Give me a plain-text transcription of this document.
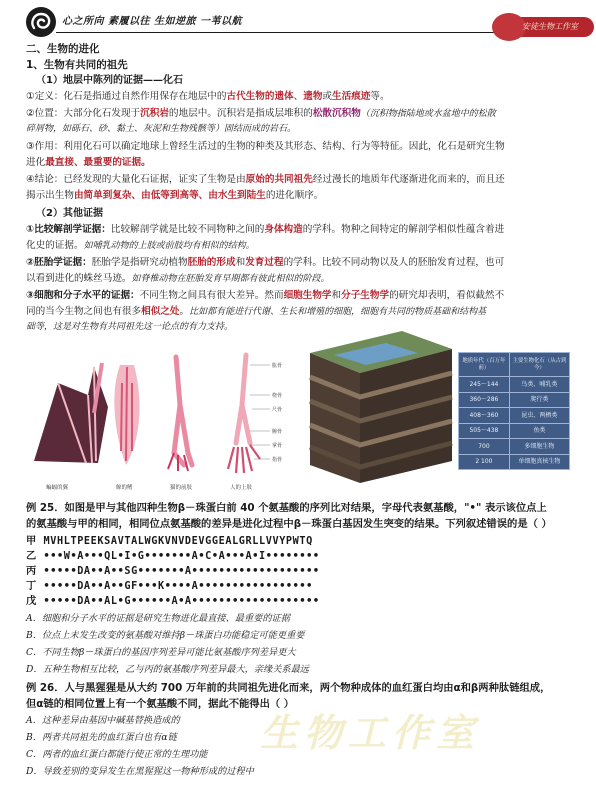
心之所向 素履以往 生如逆旅 一苇以航	安徒生物工作室
二、生物的进化
1、生物有共同的祖先
（1）地层中陈列的证据——化石
①定义：化石是指通过自然作用保存在地层中的古代生物的遗体、遗物或生活痕迹等。
②位置：大部分化石发现于沉积岩的地层中。沉积岩是指成层堆积的松散沉积物（沉积物指陆地或水盆地中的松散
碎屑物，如砾石、砂、黏土、灰泥和生物残骸等）固结而成的岩石。
③作用：利用化石可以确定地球上曾经生活过的生物的种类及其形态、结构、行为等特征。因此，化石是研究生物
进化最直接、最重要的证据。
④结论：已经发现的大量化石证据，证实了生物是由原始的共同祖先经过漫长的地质年代逐渐进化而来的，而且还
揭示出生物由简单到复杂、由低等到高等、由水生到陆生的进化顺序。
（2）其他证据
①比较解剖学证据：比较解剖学就是比较不同物种之间的身体构造的学科。物种之间特定的解剖学相似性蕴含着进
化史的证据。如哺乳动物的上肢或前肢均有相似的结构。
②胚胎学证据：胚胎学是指研究动植物胚胎的形成和发育过程的学科。比较不同动物以及人的胚胎发育过程，也可
以看到进化的蛛丝马迹。如脊椎动物在胚胎发育早期都有彼此相似的阶段。
③细胞和分子水平的证据：不同生物之间具有很大差异。然而细胞生物学和分子生物学的研究却表明，看似截然不
同的当今生物之间也有很多相似之处。比如都有能进行代谢、生长和增殖的细胞，细胞有共同的物质基础和结构基
础等，这是对生物有共同祖先这一论点的有力支持。
肱骨
桡骨
尺骨
腕骨
掌骨
指骨
蝙蝠的翼	鲸的鳍	猫的前肢	人的上肢
地质年代（百万年前）	主要生物化石（从古到今）
245～144	鸟类、哺乳类
360～286	爬行类
408～360	昆虫、两栖类
505～438	鱼类
700	多细胞生物
2 100	单细胞真核生物
例 25．如图是甲与其他四种生物β－珠蛋白前 40 个氨基酸的序列比对结果，字母代表氨基酸，"•" 表示该位点上
的氨基酸与甲的相同，相同位点氨基酸的差异是进化过程中β－珠蛋白基因发生突变的结果。下列叙述错误的是（ ）
甲 MVHLTPEEKSAVTALWGKVNVDEVGGEALGRLLVVYPWTQ
乙 •••W•A•••QL•I•G•••••••A•C•A•••A•I••••••••
丙 •••••DA••A••SG•••••••A•••••••••••••••••••
丁 •••••DA••A••GF•••K••••A•••••••••••••••••
戊 •••••DA••AL•G••••••A•A•••••••••••••••••••
A．细胞和分子水平的证据是研究生物进化最直接、最重要的证据
B．位点上未发生改变的氨基酸对维持β－珠蛋白功能稳定可能更重要
C．不同生物β－珠蛋白的基因序列差异可能比氨基酸序列差异更大
D．五种生物相互比较，乙与丙的氨基酸序列差异最大，亲缘关系最远
例 26．人与黑猩猩是从大约 700 万年前的共同祖先进化而来，两个物种成体的血红蛋白均由α和β两种肽链组成，
但α链的相同位置上有一个氨基酸不同，据此不能得出（ ）
A．这种差异由基因中碱基替换造成的
B．两者共同祖先的血红蛋白也有α链
C．两者的血红蛋白都能行使正常的生理功能
D．导致差别的变异发生在黑猩猩这一物种形成的过程中
生物工作室
